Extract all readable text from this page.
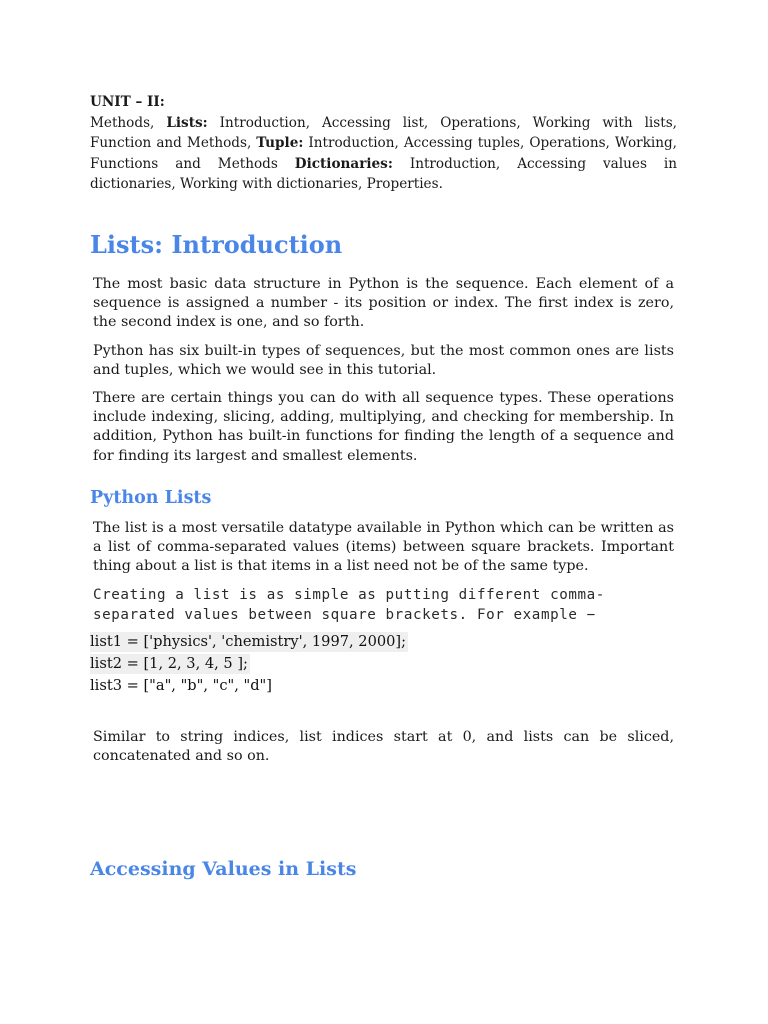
UNIT – II:
Methods, Lists: Introduction, Accessing list, Operations, Working with lists, Function and Methods, Tuple: Introduction, Accessing tuples, Operations, Working, Functions and Methods Dictionaries: Introduction, Accessing values in dictionaries, Working with dictionaries, Properties.
Lists: Introduction

The most basic data structure in Python is the sequence. Each element of a sequence is assigned a number - its position or index. The first index is zero, the second index is one, and so forth.

Python has six built-in types of sequences, but the most common ones are lists and tuples, which we would see in this tutorial.

There are certain things you can do with all sequence types. These operations include indexing, slicing, adding, multiplying, and checking for membership. In addition, Python has built-in functions for finding the length of a sequence and for finding its largest and smallest elements.

Python Lists

The list is a most versatile datatype available in Python which can be written as a list of comma-separated values (items) between square brackets. Important thing about a list is that items in a list need not be of the same type.

Creating a list is as simple as putting different comma-separated values between square brackets. For example −

list1 = ['physics', 'chemistry', 1997, 2000];
list2 = [1, 2, 3, 4, 5 ];
list3 = ["a", "b", "c", "d"]

Similar to string indices, list indices start at 0, and lists can be sliced, concatenated and so on.

Accessing Values in Lists
